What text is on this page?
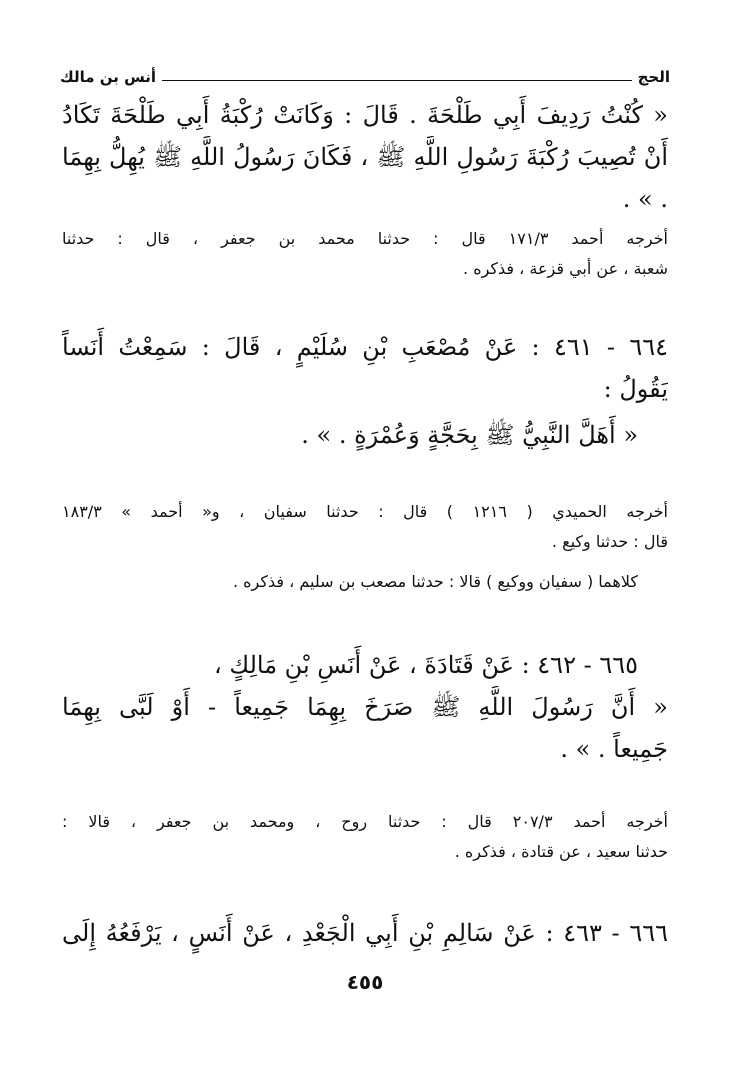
الحج
أنس بن مالك
« كُنْتُ رَدِيفَ أَبِي طَلْحَةَ . قَالَ : وَكَانَتْ رُكْبَةُ أَبِي طَلْحَةَ تَكَادُ
أَنْ تُصِيبَ رُكْبَةَ رَسُولِ اللَّهِ ﷺ ، فَكَانَ رَسُولُ اللَّهِ ﷺ يُهِلُّ بِهِمَا . » .
أخرجه أحمد ١٧١/٣ قال : حدثنا محمد بن جعفر ، قال : حدثنا
شعبة ، عن أبي قزعة ، فذكره .
٦٦٤ - ٤٦١ : عَنْ مُصْعَبِ بْنِ سُلَيْمٍ ، قَالَ : سَمِعْتُ أَنَساً
يَقُولُ :
« أَهَلَّ النَّبِيُّ ﷺ بِحَجَّةٍ وَعُمْرَةٍ . » .
أخرجه الحميدي ( ١٢١٦ ) قال : حدثنا سفيان ، و« أحمد » ١٨٣/٣
قال : حدثنا وكيع .
كلاهما ( سفيان ووكيع ) قالا : حدثنا مصعب بن سليم ، فذكره .
٦٦٥ - ٤٦٢ : عَنْ قَتَادَةَ ، عَنْ أَنَسِ بْنِ مَالِكٍ ،
« أَنَّ رَسُولَ اللَّهِ ﷺ صَرَخَ بِهِمَا جَمِيعاً - أَوْ لَبَّى بِهِمَا
جَمِيعاً . » .
أخرجه أحمد ٢٠٧/٣ قال : حدثنا روح ، ومحمد بن جعفر ، قالا :
حدثنا سعيد ، عن قتادة ، فذكره .
٦٦٦ - ٤٦٣ : عَنْ سَالِمِ بْنِ أَبِي الْجَعْدِ ، عَنْ أَنَسٍ ، يَرْفَعُهُ إِلَى
٤٥٥
